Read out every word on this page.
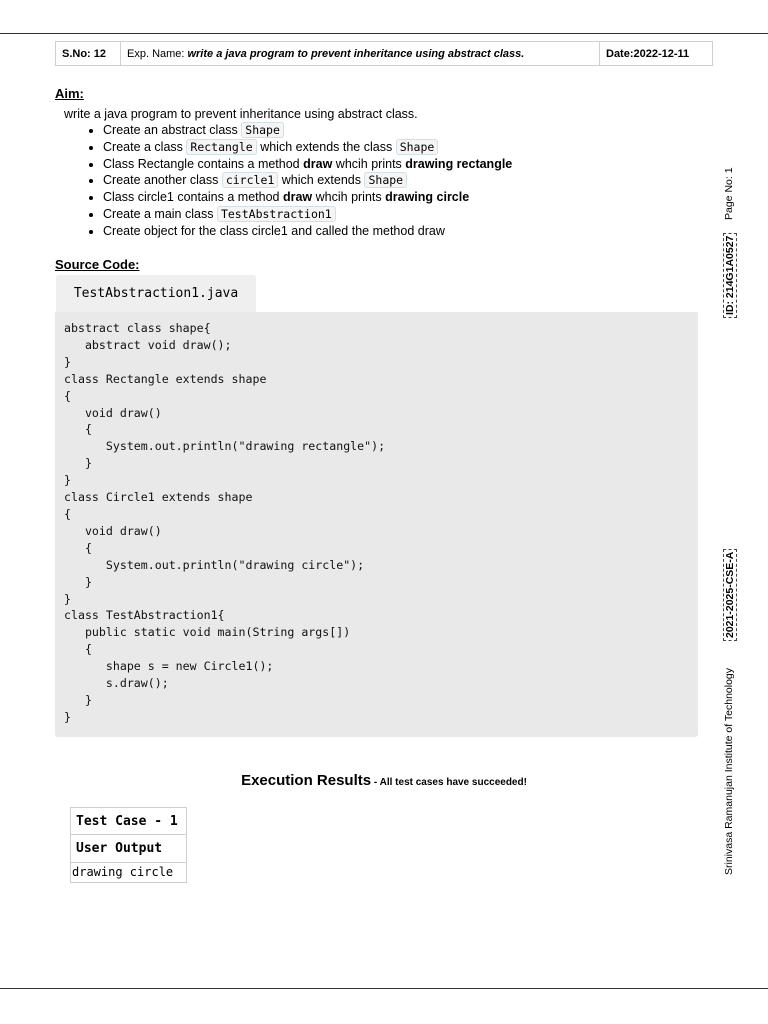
S.No: 12	Exp. Name: write a java program to prevent inheritance using abstract class.	Date:2022-12-11
Aim:
write a java program to prevent inheritance using abstract class.
• Create an abstract class Shape
• Create a class Rectangle which extends the class Shape
• Class Rectangle contains a method draw whcih prints drawing rectangle
• Create another class circle1 which extends Shape
• Class circle1 contains a method draw whcih prints drawing circle
• Create a main class TestAbstraction1
• Create object for the class circle1 and called the method draw
Source Code:
TestAbstraction1.java
abstract class shape{
abstract void draw();
}
class Rectangle extends shape
{
void draw()
{
System.out.println("drawing rectangle");
}
}
class Circle1 extends shape
{
void draw()
{
System.out.println("drawing circle");
}
}
class TestAbstraction1{
public static void main(String args[])
{
shape s = new Circle1();
s.draw();
}
}
Execution Results - All test cases have succeeded!
Test Case - 1
User Output
drawing circle
Page No: 1
ID: 214G1A0527
2021-2025-CSE-A
Srinivasa Ramanujan Institute of Technology
